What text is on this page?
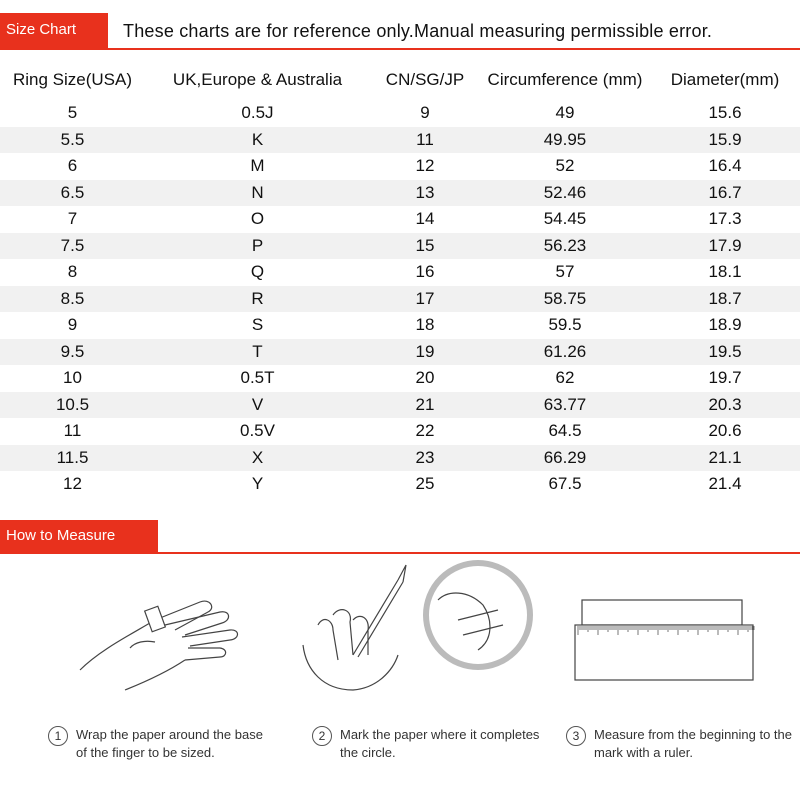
Size Chart	These charts are for reference only.Manual measuring permissible error.
Ring Size(USA)	UK,Europe & Australia	CN/SG/JP	Circumference (mm)	Diameter(mm)
5	0.5J	9	49	15.6
5.5	K	11	49.95	15.9
6	M	12	52	16.4
6.5	N	13	52.46	16.7
7	O	14	54.45	17.3
7.5	P	15	56.23	17.9
8	Q	16	57	18.1
8.5	R	17	58.75	18.7
9	S	18	59.5	18.9
9.5	T	19	61.26	19.5
10	0.5T	20	62	19.7
10.5	V	21	63.77	20.3
11	0.5V	22	64.5	20.6
11.5	X	23	66.29	21.1
12	Y	25	67.5	21.4
How to Measure
1	Wrap the paper around the base of the finger to be sized.
2	Mark the paper where it completes the circle.
3	Measure from the beginning to the mark with a ruler.
